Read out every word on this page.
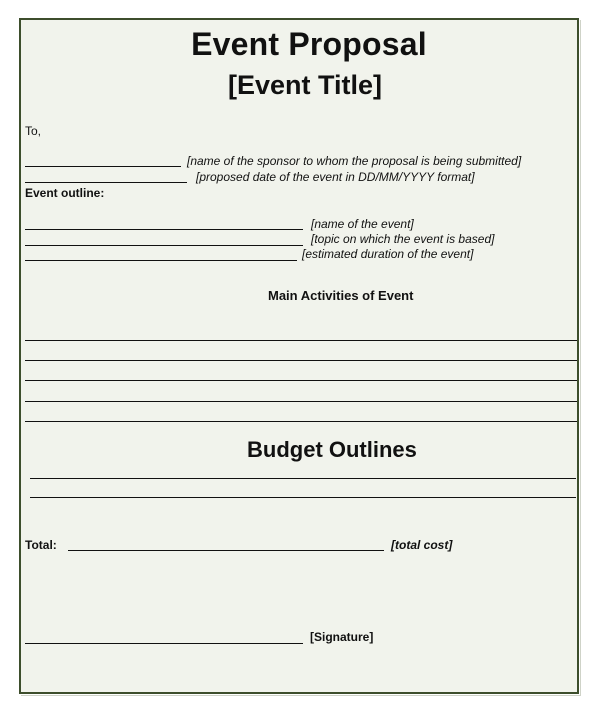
Event Proposal
[Event Title]
To,
[name of the sponsor to whom the proposal is being submitted]
[proposed date of the event in DD/MM/YYYY format]
Event outline:
[name of the event]
[topic on which the event is based]
[estimated duration of the event]
Main Activities of Event
Budget Outlines
Total:	[total cost]
[Signature]
